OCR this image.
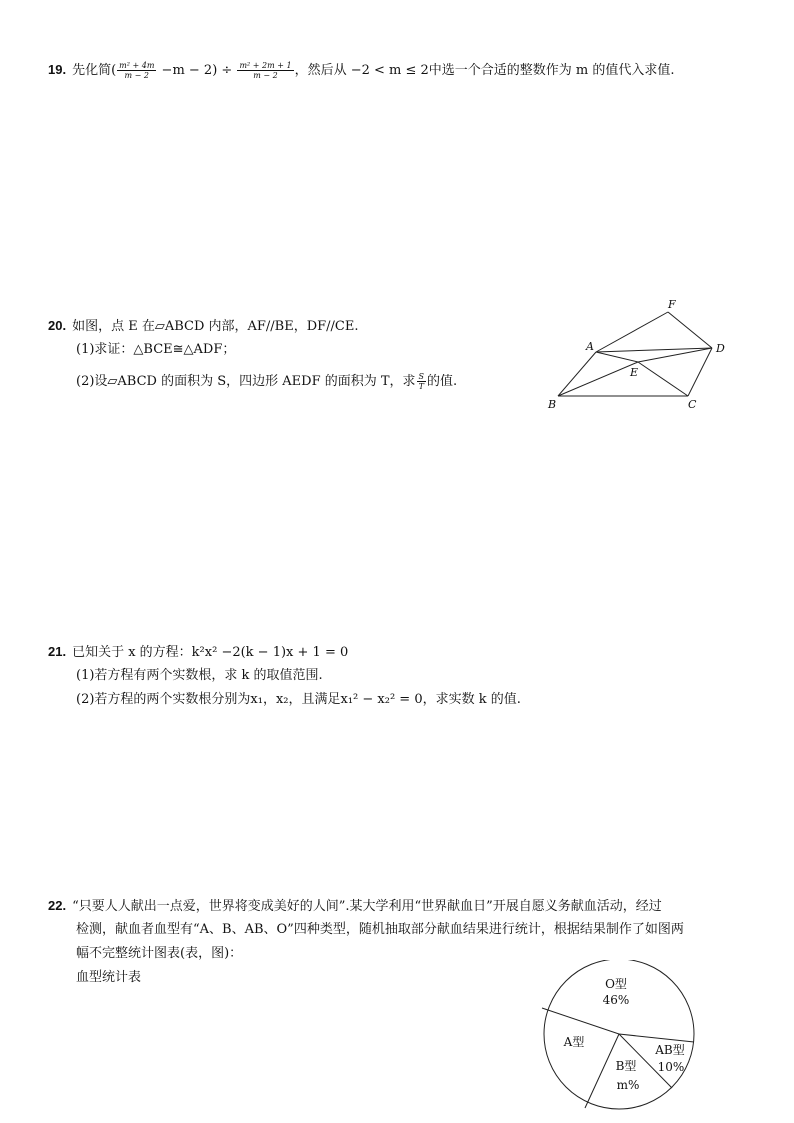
19. 先化简( $\frac{\text{m² + 4m}}{m - 2} -m - 2) \div \frac{\text{m² + 2m + 1}}{m - 2}$ ，然后从 −2 < m ≤ 2中选一个合适的整数作为 m 的值代入求值.
20. 如图，点 E 在▱ABCD 内部，AF//BE，DF//CE.
(1)求证：△BCE≅△ADF；
(2)设▱ABCD 的面积为 S，四边形 AEDF 的面积为 T，求 $\frac{S}{T}$ 的值.
A
B	C
D
E
F
21. 已知关于 x 的方程：k²x² −2(k − 1)x + 1 = 0
(1)若方程有两个实数根，求 k 的取值范围.
(2)若方程的两个实数根分别为x₁，x₂，且满足x₁² − x₂² = 0，求实数 k 的值.
22. “只要人人献出一点爱，世界将变成美好的人间”.某大学利用“世界献血日”开展自愿义务献血活动，经过
检测，献血者血型有“A、B、AB、O”四种类型，随机抽取部分献血结果进行统计，根据结果制作了如图两
幅不完整统计图表(表，图)：
血型统计表	O型
46%
A型
B型
m%
AB型
10%
